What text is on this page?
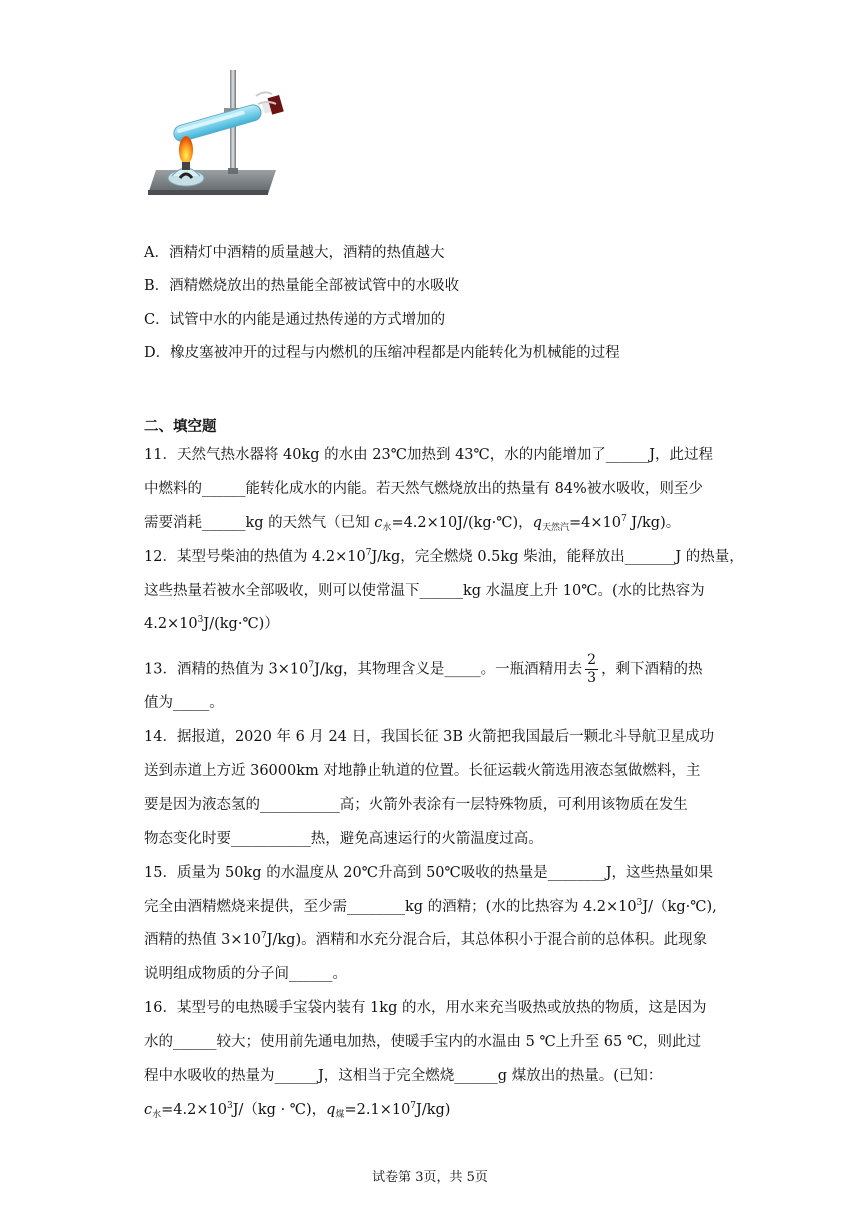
A．酒精灯中酒精的质量越大，酒精的热值越大
B．酒精燃烧放出的热量能全部被试管中的水吸收
C．试管中水的内能是通过热传递的方式增加的
D．橡皮塞被冲开的过程与内燃机的压缩冲程都是内能转化为机械能的过程
二、填空题
11．天然气热水器将 40kg 的水由 23℃加热到 43℃，水的内能增加了______J，此过程
中燃料的______能转化成水的内能。若天然气燃烧放出的热量有 84%被水吸收，则至少
需要消耗______kg 的天然气（已知 $c_水=4.2\times 10J/(kg\cdot℃)$，$q_{天然汽}=4\times 10^7$ J/kg)。
12．某型号柴油的热值为 $4.2\times 10^7J/kg$，完全燃烧 0.5kg 柴油，能释放出_______J 的热量，
这些热量若被水全部吸收，则可以使常温下______kg 水温度上升 10℃。(水的比热容为
$4.2\times 10^3J/(kg\cdot℃)$）
13．酒精的热值为 $3\times 10^7J/kg$，其物理含义是_____。一瓶酒精用去 $\frac{2}{3}$ ，剩下酒精的热
值为_____。
14．据报道，2020 年 6 月 24 日，我国长征 3B 火箭把我国最后一颗北斗导航卫星成功
送到赤道上方近 36000km 对地静止轨道的位置。长征运载火箭选用液态氢做燃料，主
要是因为液态氢的___________高；火箭外表涂有一层特殊物质，可利用该物质在发生
物态变化时要___________热，避免高速运行的火箭温度过高。
15．质量为 50kg 的水温度从 20℃升高到 50℃吸收的热量是________J，这些热量如果
完全由酒精燃烧来提供，至少需________kg 的酒精；(水的比热容为 $4.2\times 10^3J/(kg\cdot℃)$,
酒精的热值 $3\times 10^7J/kg$)。酒精和水充分混合后，其总体积小于混合前的总体积。此现象
说明组成物质的分子间______。
16．某型号的电热暖手宝袋内装有 1kg 的水，用水来充当吸热或放热的物质，这是因为
水的______较大；使用前先通电加热，使暖手宝内的水温由 5 ℃上升至 65 ℃，则此过
程中水吸收的热量为______J，这相当于完全燃烧______g 煤放出的热量。(已知：
$c_水=4.2\times 10^3J/(kg$ · ℃)，$q_煤=2.1\times 10^7J/kg$)
试卷第 3页，共 5页
